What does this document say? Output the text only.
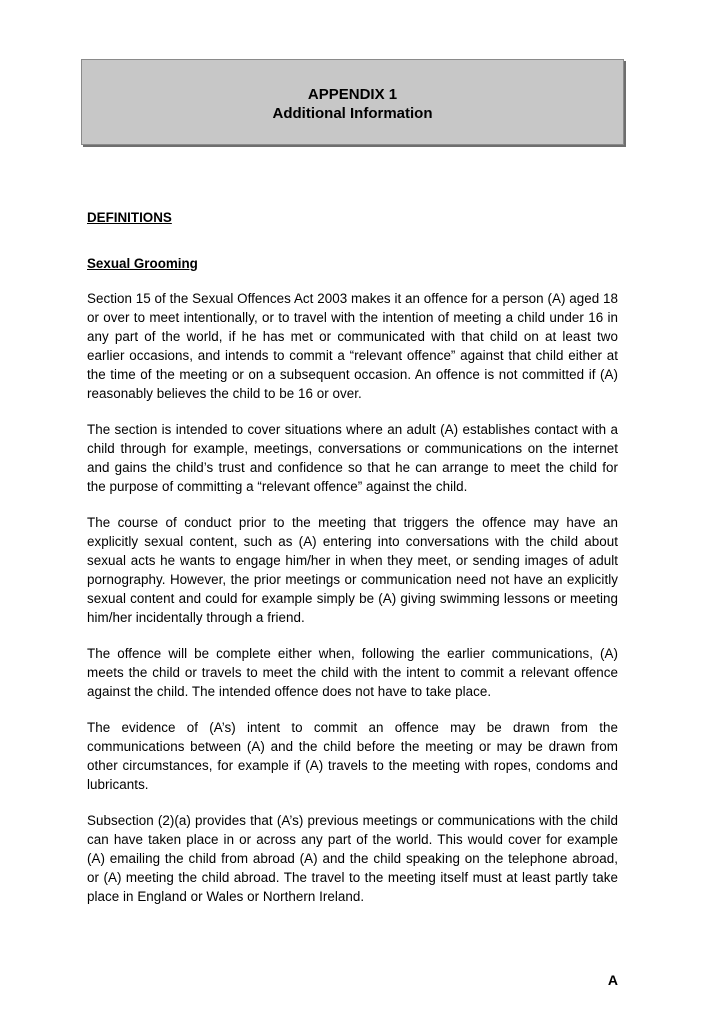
APPENDIX 1
Additional Information
DEFINITIONS
Sexual Grooming

Section 15 of the Sexual Offences Act 2003 makes it an offence for a person (A) aged 18 or over to meet intentionally, or to travel with the intention of meeting a child under 16 in any part of the world, if he has met or communicated with that child on at least two earlier occasions, and intends to commit a “relevant offence” against that child either at the time of the meeting or on a subsequent occasion. An offence is not committed if (A) reasonably believes the child to be 16 or over.

The section is intended to cover situations where an adult (A) establishes contact with a child through for example, meetings, conversations or communications on the internet and gains the child’s trust and confidence so that he can arrange to meet the child for the purpose of committing a “relevant offence” against the child.

The course of conduct prior to the meeting that triggers the offence may have an explicitly sexual content, such as (A) entering into conversations with the child about sexual acts he wants to engage him/her in when they meet, or sending images of adult pornography. However, the prior meetings or communication need not have an explicitly sexual content and could for example simply be (A) giving swimming lessons or meeting him/her incidentally through a friend.

The offence will be complete either when, following the earlier communications, (A) meets the child or travels to meet the child with the intent to commit a relevant offence against the child. The intended offence does not have to take place.

The evidence of (A’s) intent to commit an offence may be drawn from the communications between (A) and the child before the meeting or may be drawn from other circumstances, for example if (A) travels to the meeting with ropes, condoms and lubricants.

Subsection (2)(a) provides that (A’s) previous meetings or communications with the child can have taken place in or across any part of the world. This would cover for example (A) emailing the child from abroad (A) and the child speaking on the telephone abroad, or (A) meeting the child abroad. The travel to the meeting itself must at least partly take place in England or Wales or Northern Ireland.

A
